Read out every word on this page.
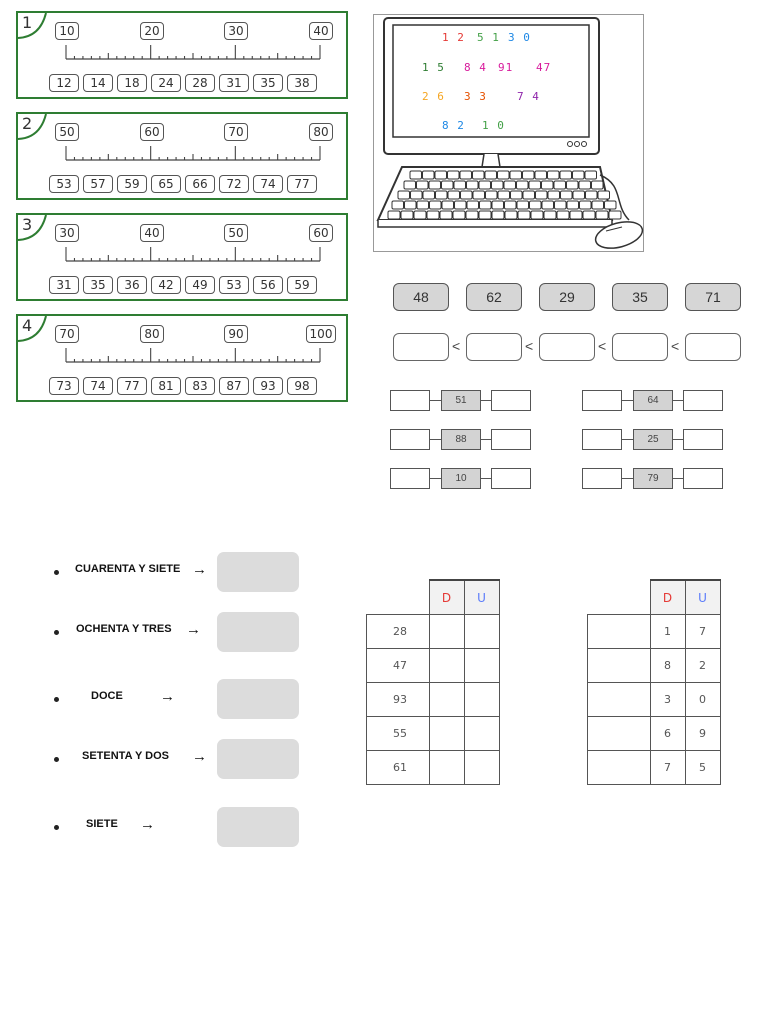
1	10	20	30	40
12	14	18	24	28	31	35	38
2	50	60	70	80
53	57	59	65	66	72	74	77
3	30	40	50	60
31	35	36	42	49	53	56	59
4	70	80	90	100
73	74	77	81	83	87	93	98
1 2 5 1 3 0
1 5 8 4 91 47
2 6 3 3	7 4
8 2 1 0
48
<
62
<
29
<
35
<
71
51
88
10
64
25
79
CUARENTA Y SIETE →
OCHENTA Y TRES →
DOCE →
SETENTA Y DOS →
SIETE →
	D	U
28		
47		
93		
55		
61		
	D	U
	1	7
	8	2
	3	0
	6	9
	7	5
